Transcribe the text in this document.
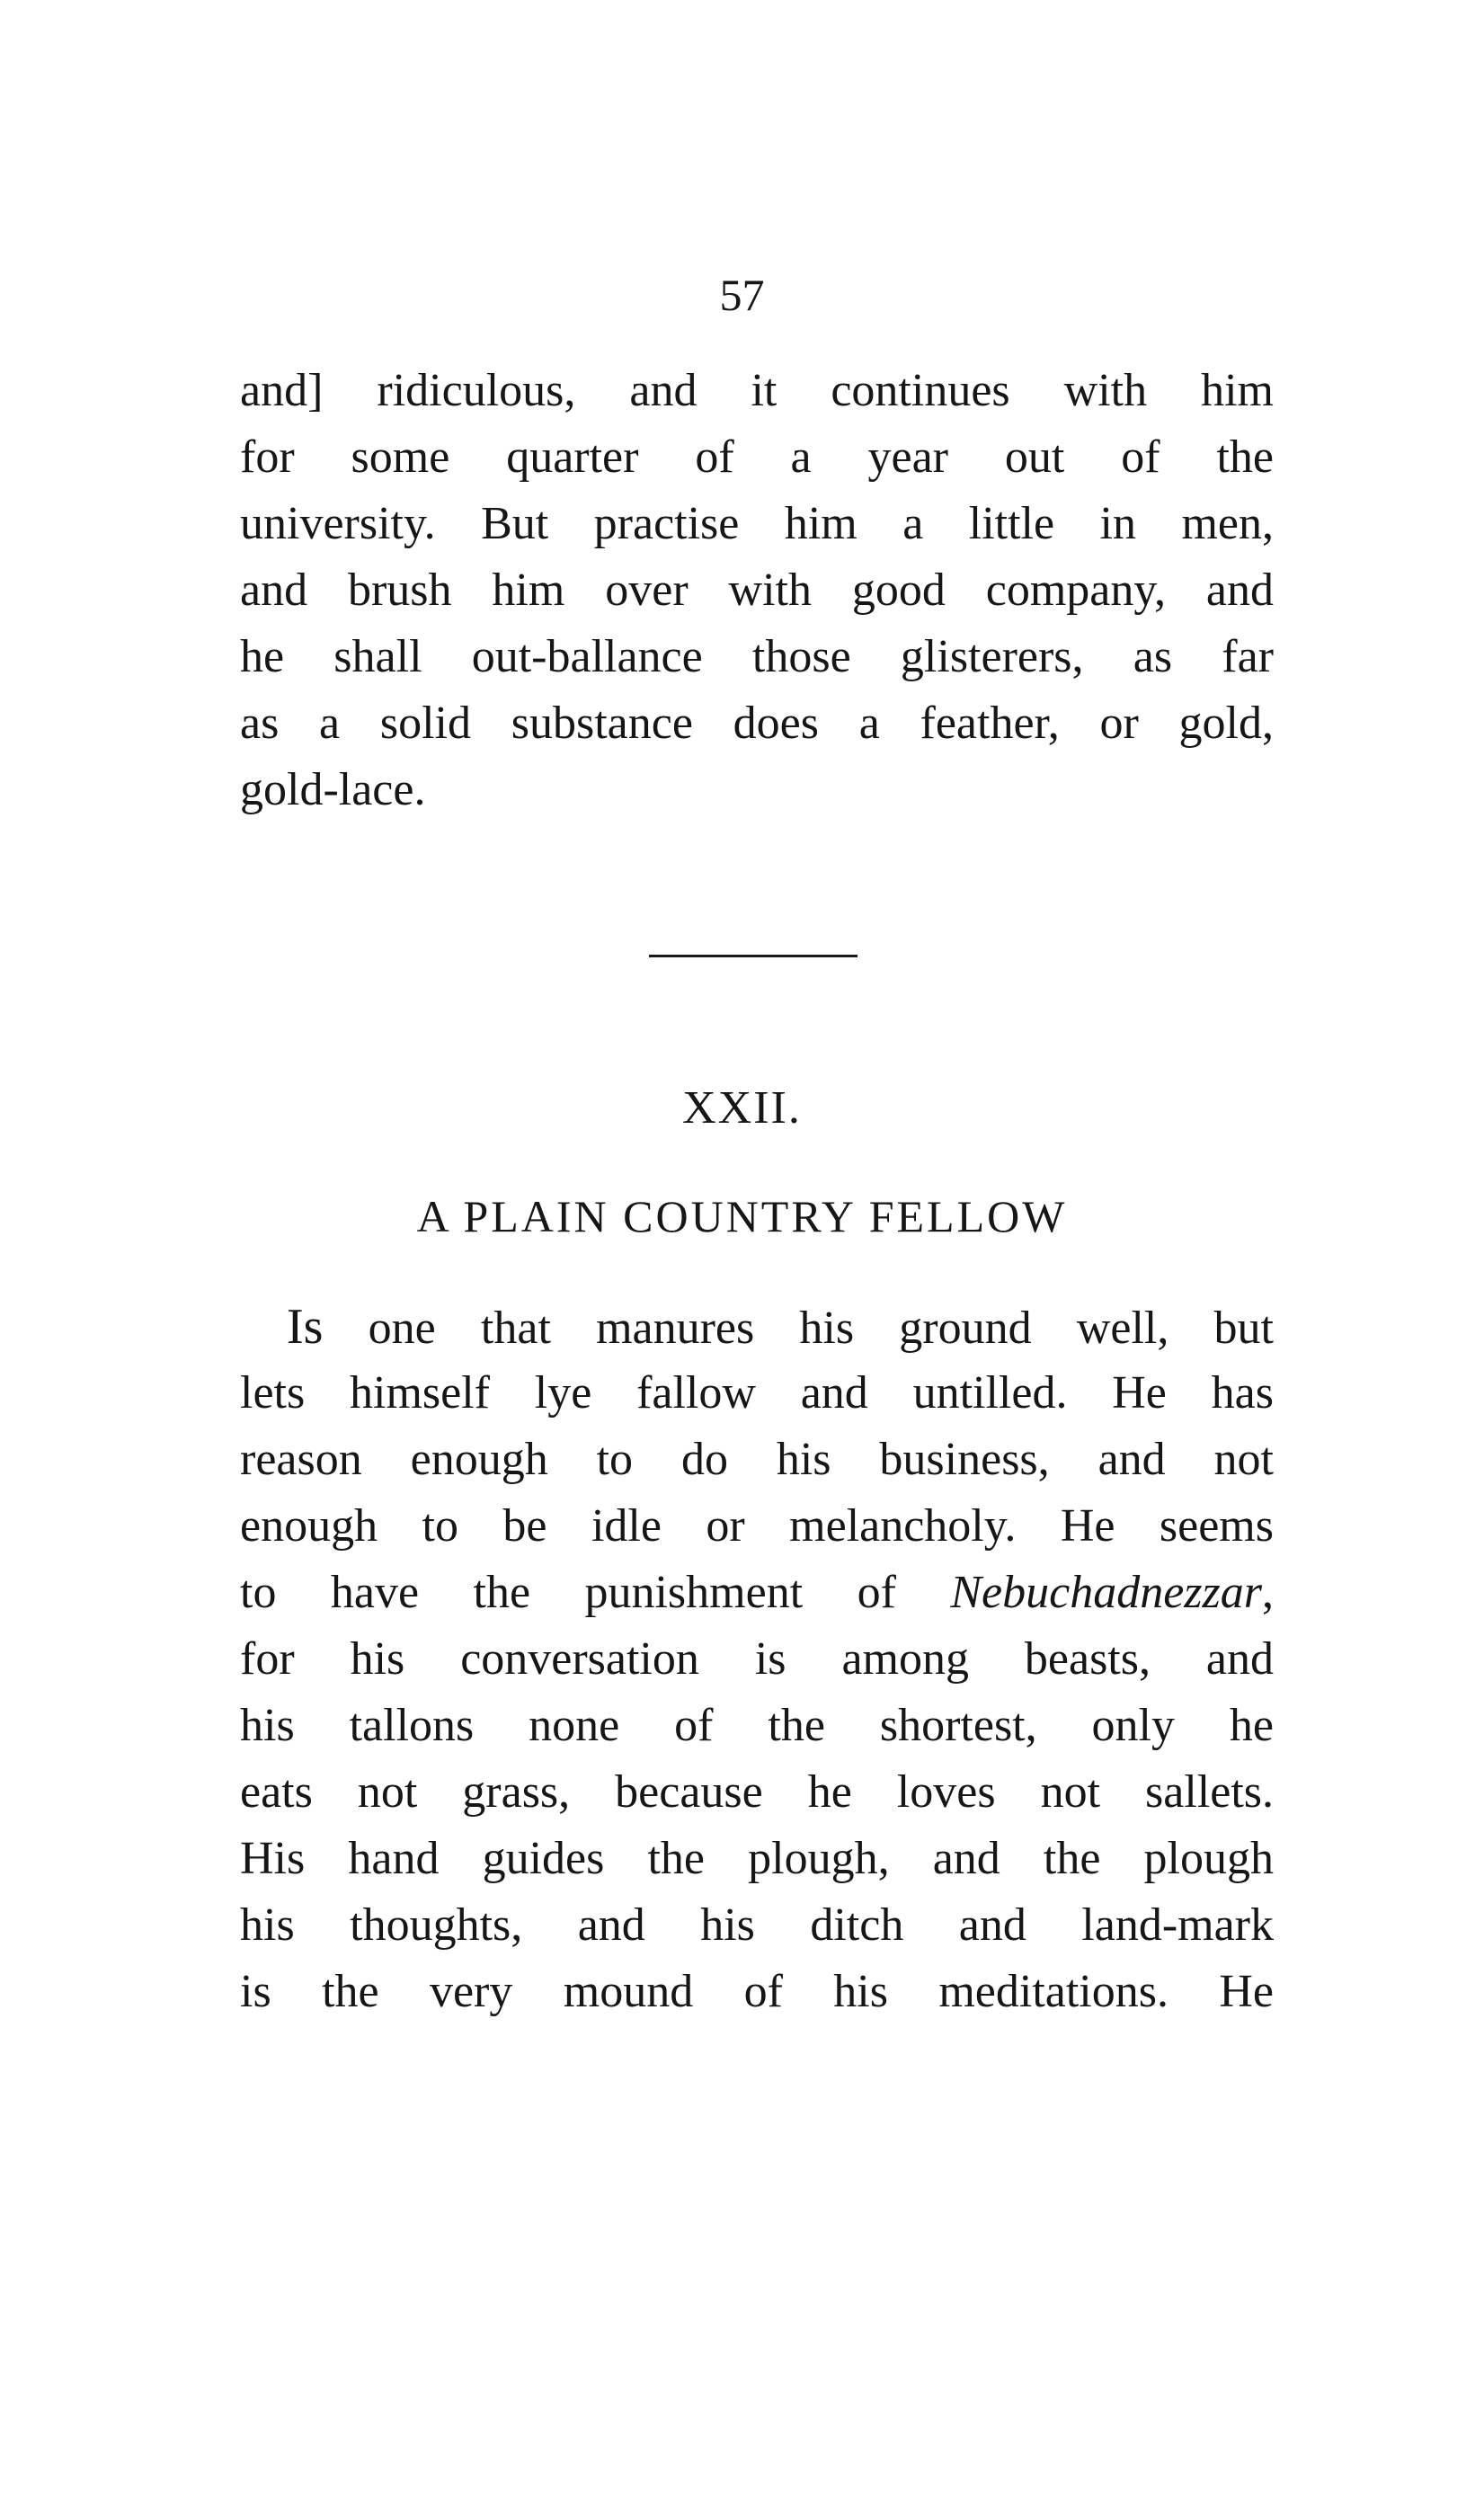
57
and] ridiculous, and it continues with him
for some quarter of a year out of the
university. But practise him a little in men,
and brush him over with good company, and
he shall out-ballance those glisterers, as far
as a solid substance does a feather, or gold,
gold-lace.
XXII.
A PLAIN COUNTRY FELLOW
Is one that manures his ground well, but
lets himself lye fallow and untilled. He has
reason enough to do his business, and not
enough to be idle or melancholy. He seems
to have the punishment of Nebuchadnezzar,
for his conversation is among beasts, and
his tallons none of the shortest, only he
eats not grass, because he loves not sallets.
His hand guides the plough, and the plough
his thoughts, and his ditch and land-mark
is the very mound of his meditations. He
